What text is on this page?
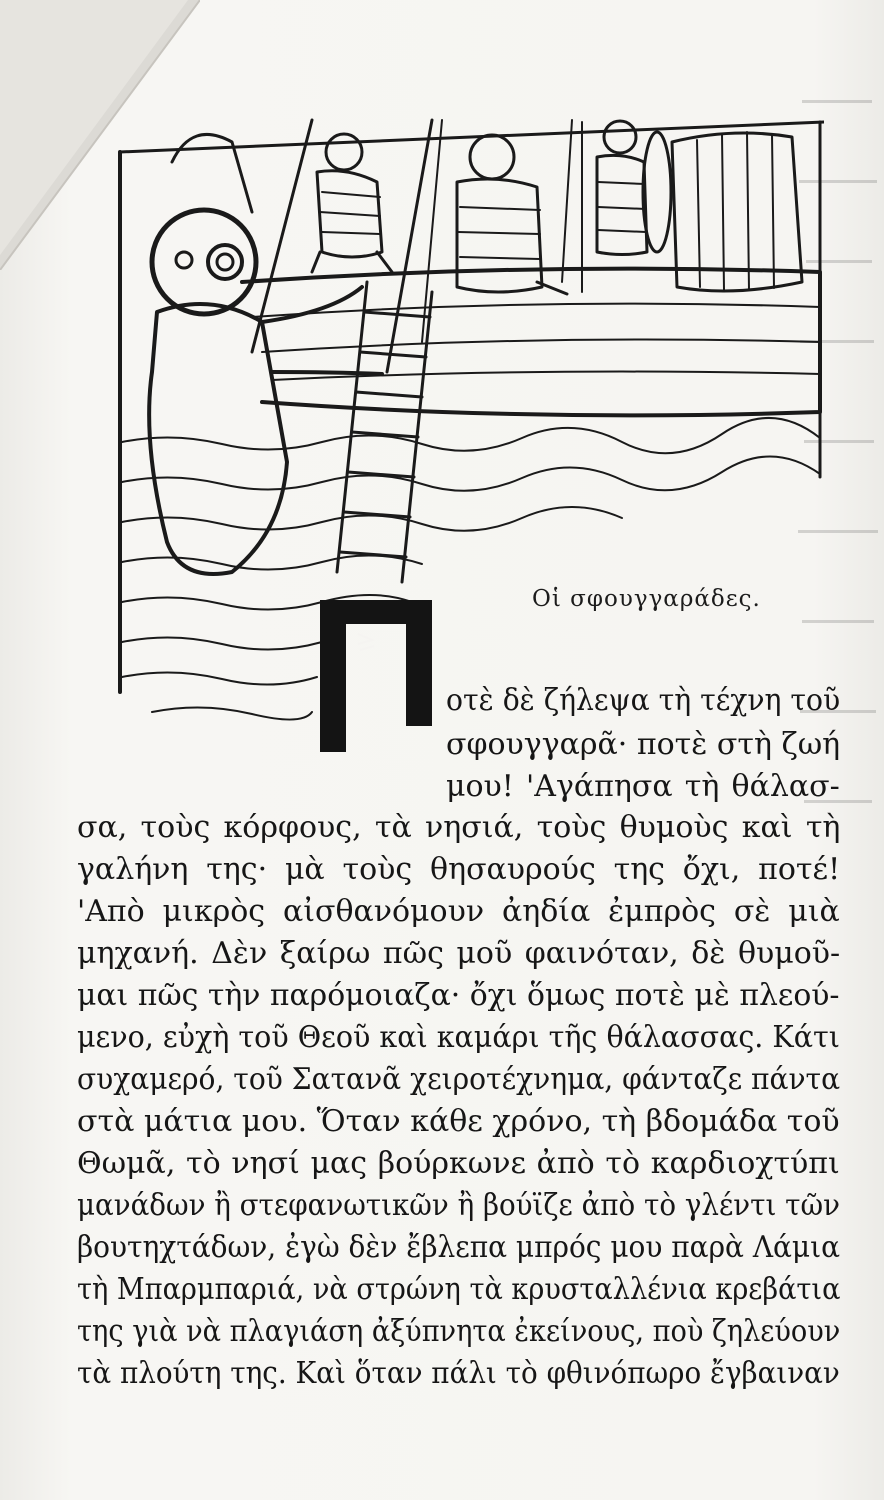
Οἱ σφουγγαράδες.
οτὲ δὲ ζήλεψα τὴ τέχνη τοῦ
σφουγγαρᾶ· ποτὲ στὴ ζωή
μου! 'Αγάπησα τὴ θάλασ-
σα, τοὺς κόρφους, τὰ νησιά, τοὺς θυμοὺς καὶ τὴ
γαλήνη της· μὰ τοὺς θησαυρούς της ὄχι, ποτέ!
'Απὸ μικρὸς αἰσθανόμουν ἀηδία ἐμπρὸς σὲ μιὰ
μηχανή. Δὲν ξαίρω πῶς μοῦ φαινόταν, δὲ θυμοῦ-
μαι πῶς τὴν παρόμοιαζα· ὄχι ὅμως ποτὲ μὲ πλεού-
μενο, εὐχὴ τοῦ Θεοῦ καὶ καμάρι τῆς θάλασσας. Κάτι
συχαμερό, τοῦ Σατανᾶ χειροτέχνημα, φάνταζε πάντα
στὰ μάτια μου. Ὅταν κάθε χρόνο, τὴ βδομάδα τοῦ
Θωμᾶ, τὸ νησί μας βούρκωνε ἀπὸ τὸ καρδιοχτύπι
μανάδων ἢ στεφανωτικῶν ἢ βούϊζε ἀπὸ τὸ γλέντι τῶν
βουτηχτάδων, ἐγὼ δὲν ἔβλεπα μπρός μου παρὰ Λάμια
τὴ Μπαρμπαριά, νὰ στρώνη τὰ κρυσταλλένια κρεβάτια
της γιὰ νὰ πλαγιάση ἀξύπνητα ἐκείνους, ποὺ ζηλεύουν
τὰ πλούτη της. Καὶ ὅταν πάλι τὸ φθινόπωρο ἔγβαιναν
